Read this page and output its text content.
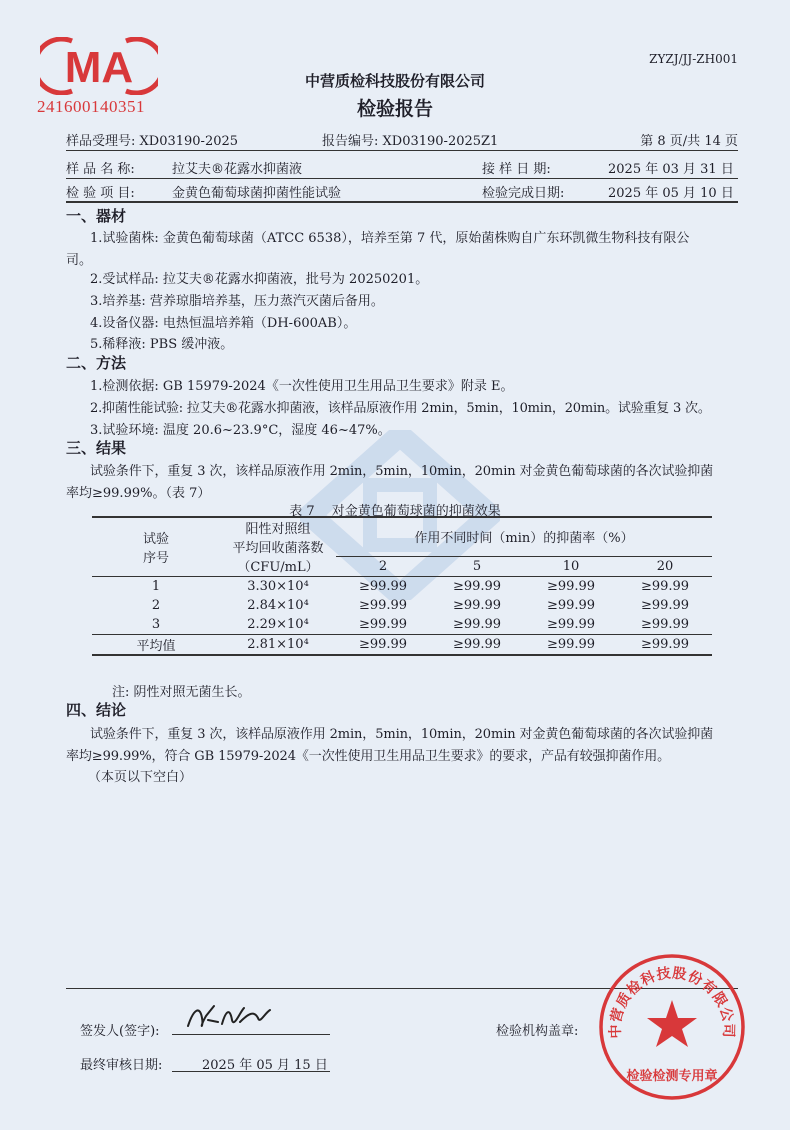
MA
241600140351
ZYZJ/JJ-ZH001
中营质检科技股份有限公司
检验报告
样品受理号: XD03190-2025	报告编号: XD03190-2025Z1	第 8 页/共 14 页
样 品 名 称:	拉艾夫®花露水抑菌液	接 样 日 期:	2025 年 03 月 31 日
检 验 项 目:	金黄色葡萄球菌抑菌性能试验	检验完成日期:	2025 年 05 月 10 日
一、器材
1.试验菌株: 金黄色葡萄球菌（ATCC 6538），培养至第 7 代，原始菌株购自广东环凯微生物科技有限公
司。
2.受试样品: 拉艾夫®花露水抑菌液，批号为 20250201。
3.培养基: 营养琼脂培养基，压力蒸汽灭菌后备用。
4.设备仪器: 电热恒温培养箱（DH-600AB）。
5.稀释液: PBS 缓冲液。
二、方法
1.检测依据: GB 15979-2024《一次性使用卫生用品卫生要求》附录 E。
2.抑菌性能试验: 拉艾夫®花露水抑菌液，该样品原液作用 2min，5min，10min，20min。试验重复 3 次。
3.试验环境: 温度 20.6~23.9°C，湿度 46~47%。
三、结果
试验条件下，重复 3 次，该样品原液作用 2min，5min，10min，20min 对金黄色葡萄球菌的各次试验抑菌
率均≥99.99%。（表 7）
表 7　 对金黄色葡萄球菌的抑菌效果
试验
序号	阳性对照组	作用不同时间（min）的抑菌率（%）			
	平均回收菌落数				
	（CFU/mL）	2	5	10	20
1	3.30×10⁴	≥99.99	≥99.99	≥99.99	≥99.99
2	2.84×10⁴	≥99.99	≥99.99	≥99.99	≥99.99
3	2.29×10⁴	≥99.99	≥99.99	≥99.99	≥99.99
平均值	2.81×10⁴	≥99.99	≥99.99	≥99.99	≥99.99
注: 阴性对照无菌生长。
四、结论
试验条件下，重复 3 次，该样品原液作用 2min，5min，10min，20min 对金黄色葡萄球菌的各次试验抑菌
率均≥99.99%，符合 GB 15979-2024《一次性使用卫生用品卫生要求》的要求，产品有较强抑菌作用。
（本页以下空白）
签发人(签字):	检验机构盖章:
最终审核日期:	2025 年 05 月 15 日
中营质检科技股份有限公司
检验检测专用章
